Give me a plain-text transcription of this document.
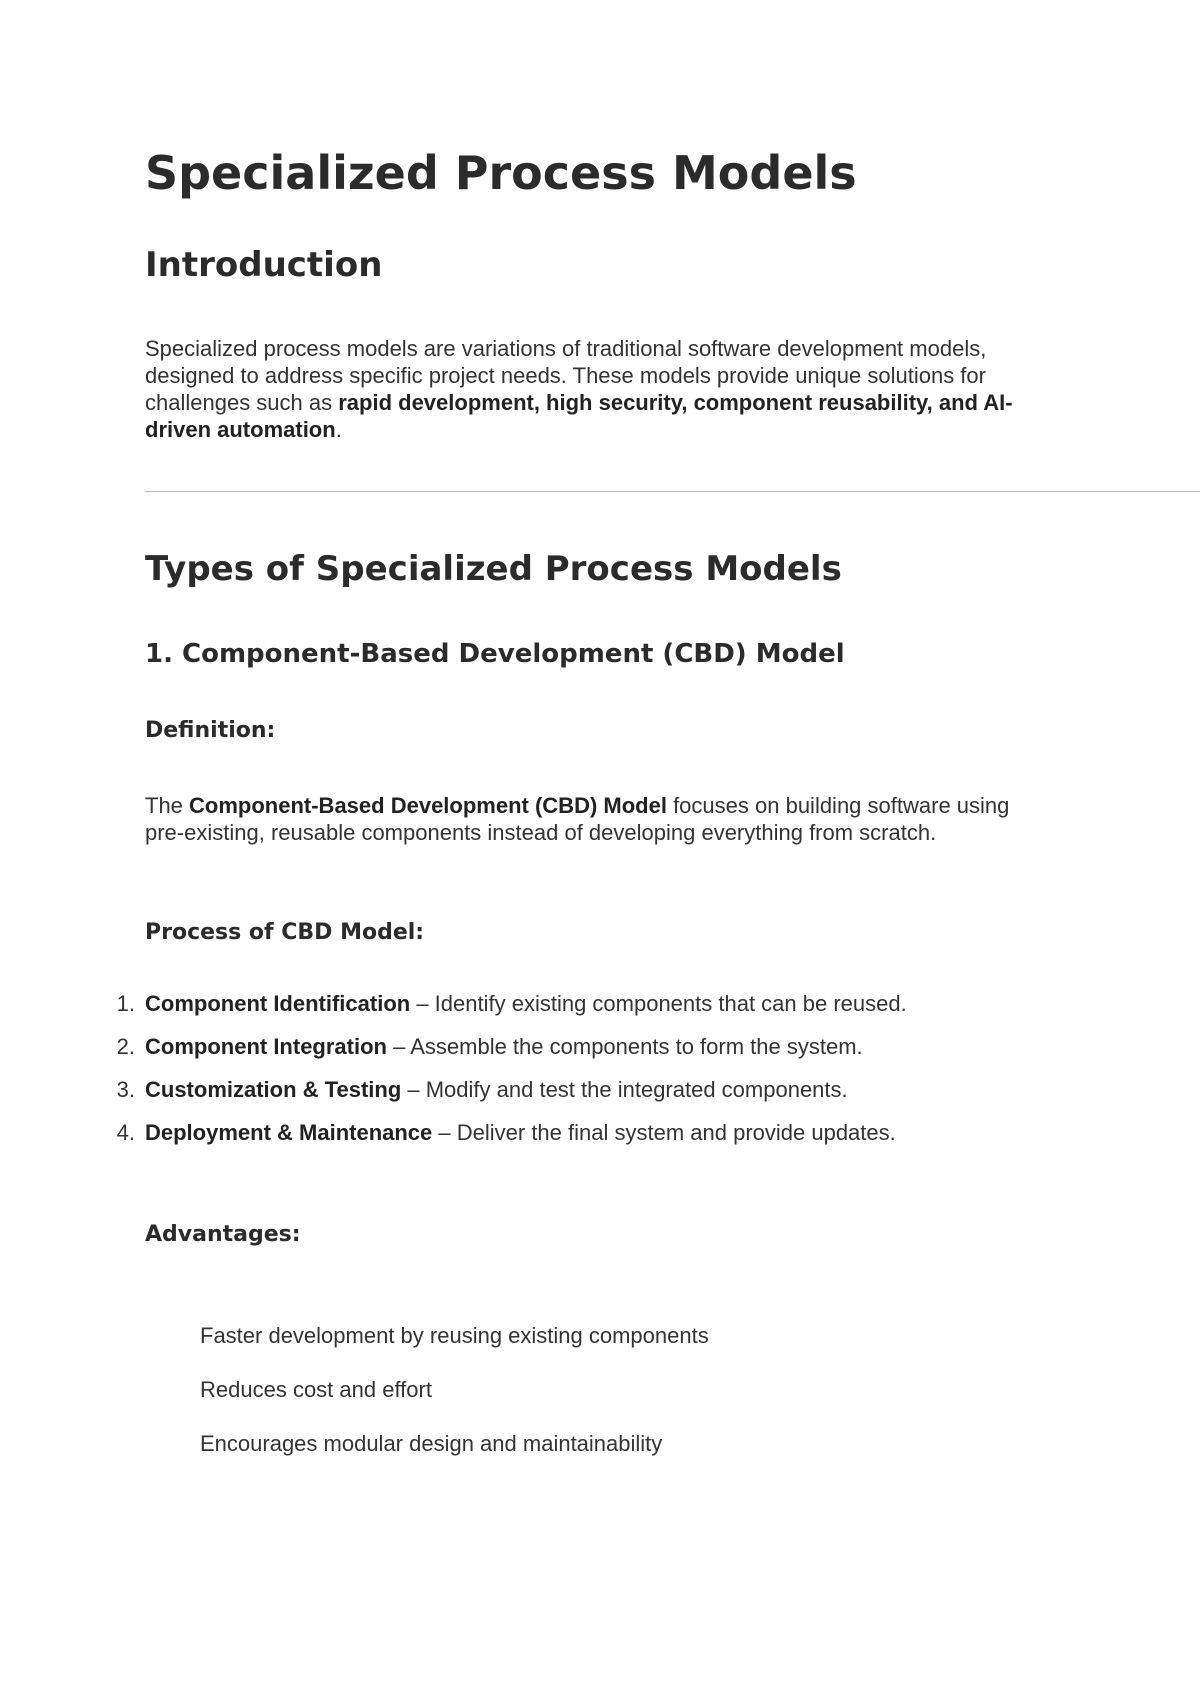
Specialized Process Models
Introduction

Specialized process models are variations of traditional software development models, designed to address specific project needs. These models provide unique solutions for challenges such as rapid development, high security, component reusability, and AI-driven automation.

Types of Specialized Process Models
1. Component-Based Development (CBD) Model
Definition:

The Component-Based Development (CBD) Model focuses on building software using pre-existing, reusable components instead of developing everything from scratch.

Process of CBD Model:
1. Component Identification – Identify existing components that can be reused.
2. Component Integration – Assemble the components to form the system.
3. Customization & Testing – Modify and test the integrated components.
4. Deployment & Maintenance – Deliver the final system and provide updates.
Advantages:
Faster development by reusing existing components
Reduces cost and effort
Encourages modular design and maintainability
